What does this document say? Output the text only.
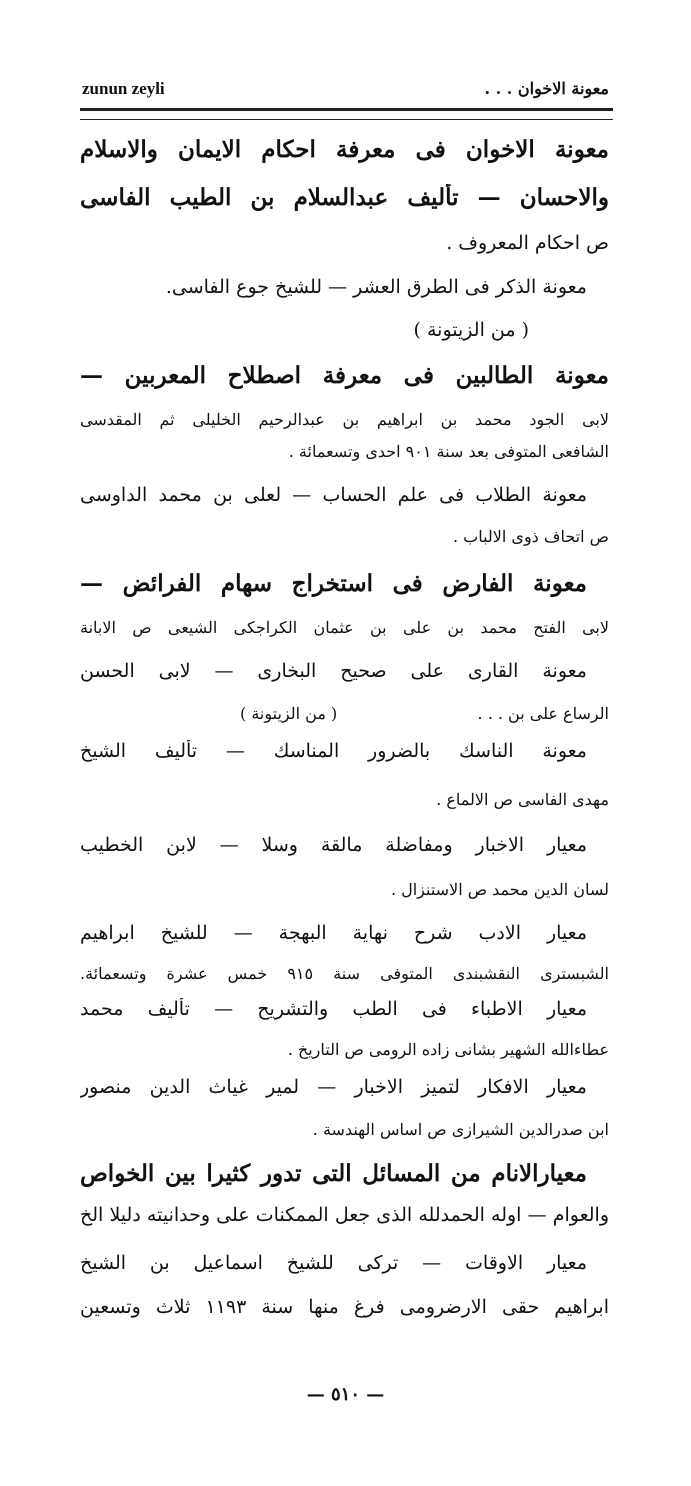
zunun zeyli	معونة الاخوان . . .
معونة الاخوان فى معرفة احكام الايمان والاسلام
والاحسان — تأليف عبدالسلام بن الطيب الفاسى
ص احكام المعروف .
معونة الذكر فى الطرق العشر — للشيخ جوع الفاسى.
( من الزيتونة )
معونة الطالبين فى معرفة اصطلاح المعربين —
لابى الجود محمد بن ابراهيم بن عبدالرحيم الخليلى ثم المقدسى
الشافعى المتوفى بعد سنة ٩٠١ احدى وتسعمائة .
معونة الطلاب فى علم الحساب — لعلى بن محمد الداوسى
ص اتحاف ذوى الالباب .
معونة الفارض فى استخراج سهام الفرائض —
لابى الفتح محمد بن على بن عثمان الكراجكى الشيعى ص الابانة
معونة القارى على صحيح البخارى — لابى الحسن
الرساع على بن . . .
( من الزيتونة )
معونة الناسك بالضرور المناسك — تأليف الشيخ
مهدى الفاسى ص الالماع .
معيار الاخبار ومفاضلة مالقة وسلا — لابن الخطيب
لسان الدين محمد ص الاستنزال .
معيار الادب شرح نهاية البهجة — للشيخ ابراهيم
الشبسترى النقشبندى المتوفى سنة ٩١٥ خمس عشرة وتسعمائة.
معيار الاطباء فى الطب والتشريح — تأليف محمد
عطاءالله الشهير بشانى زاده الرومى ص التاريخ .
معيار الافكار لتميز الاخبار — لمير غياث الدين منصور
ابن صدرالدين الشيرازى ص اساس الهندسة .
معيارالانام من المسائل التى تدور كثيرا بين الخواص
والعوام — اوله الحمدلله الذى جعل الممكنات على وحدانيته دليلا الخ
معيار الاوقات — تركى للشيخ اسماعيل بن الشيخ
ابراهيم حقى الارضرومى فرغ منها سنة ١١٩٣ ثلاث وتسعين
— ٥١٠ —
